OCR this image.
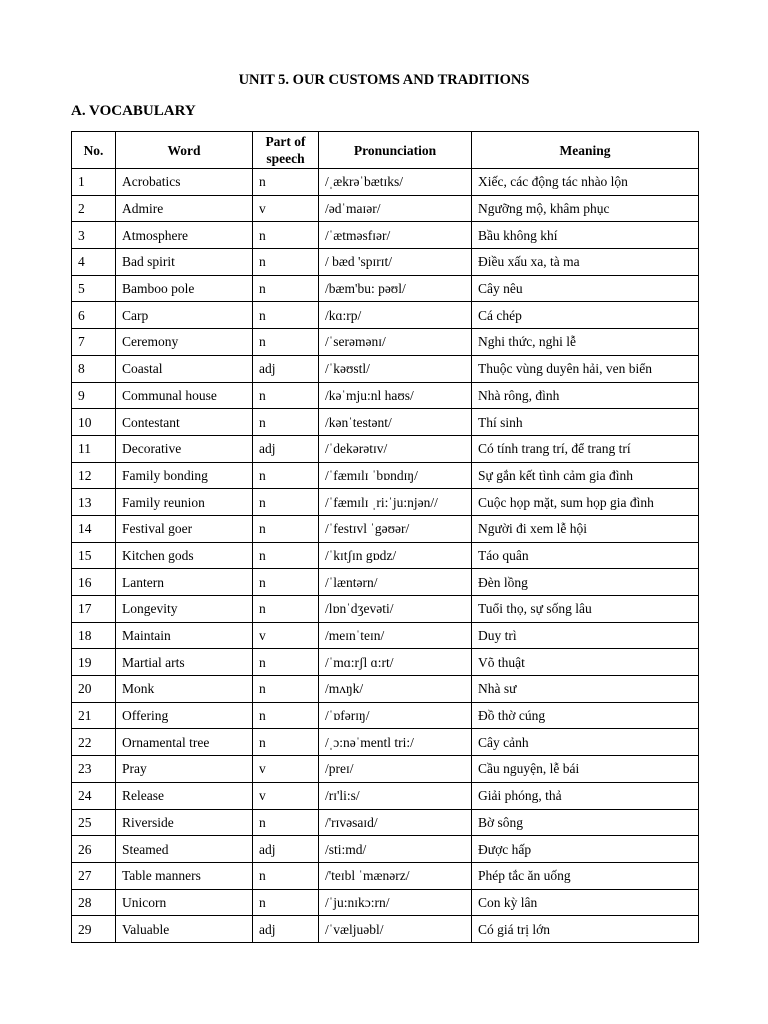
UNIT 5. OUR CUSTOMS AND TRADITIONS
A. VOCABULARY
No.	Word	Part of speech	Pronunciation	Meaning
1	Acrobatics	n	/ˌækrəˈbætɪks/	Xiếc, các động tác nhào lộn
2	Admire	v	/ədˈmaɪər/	Ngưỡng mộ, khâm phục
3	Atmosphere	n	/ˈætməsfɪər/	Bầu không khí
4	Bad spirit	n	/ bæd 'spɪrɪt/	Điều xấu xa, tà ma
5	Bamboo pole	n	/bæm'bu: pəʊl/	Cây nêu
6	Carp	n	/kɑ:rp/	Cá chép
7	Ceremony	n	/ˈserəmənɪ/	Nghi thức, nghi lễ
8	Coastal	adj	/ˈkəʊstl/	Thuộc vùng duyên hải, ven biển
9	Communal house	n	/kəˈmju:nl haʊs/	Nhà rông, đình
10	Contestant	n	/kənˈtestənt/	Thí sinh
11	Decorative	adj	/ˈdekərətɪv/	Có tính trang trí, để trang trí
12	Family bonding	n	/ˈfæmɪlɪ ˈbɒndɪŋ/	Sự gắn kết tình cảm gia đình
13	Family reunion	n	/ˈfæmɪlɪ ˌri:ˈju:njən//	Cuộc họp mặt, sum họp gia đình
14	Festival goer	n	/ˈfestɪvl ˈgəʊər/	Người đi xem lễ hội
15	Kitchen gods	n	/ˈkɪtʃɪn gɒdz/	Táo quân
16	Lantern	n	/ˈlæntərn/	Đèn lồng
17	Longevity	n	/lɒnˈdʒevəti/	Tuổi thọ, sự sống lâu
18	Maintain	v	/meɪnˈteɪn/	Duy trì
19	Martial arts	n	/ˈmɑ:rʃl ɑ:rt/	Võ thuật
20	Monk	n	/mʌŋk/	Nhà sư
21	Offering	n	/ˈɒfərɪŋ/	Đồ thờ cúng
22	Ornamental tree	n	/ˌɔ:nəˈmentl tri:/	Cây cảnh
23	Pray	v	/preɪ/	Cầu nguyện, lễ bái
24	Release	v	/rɪ'li:s/	Giải phóng, thả
25	Riverside	n	/'rɪvəsaɪd/	Bờ sông
26	Steamed	adj	/sti:md/	Được hấp
27	Table manners	n	/'teɪbl ˈmænərz/	Phép tắc ăn uống
28	Unicorn	n	/ˈju:nɪkɔ:rn/	Con kỳ lân
29	Valuable	adj	/ˈvæljuəbl/	Có giá trị lớn
